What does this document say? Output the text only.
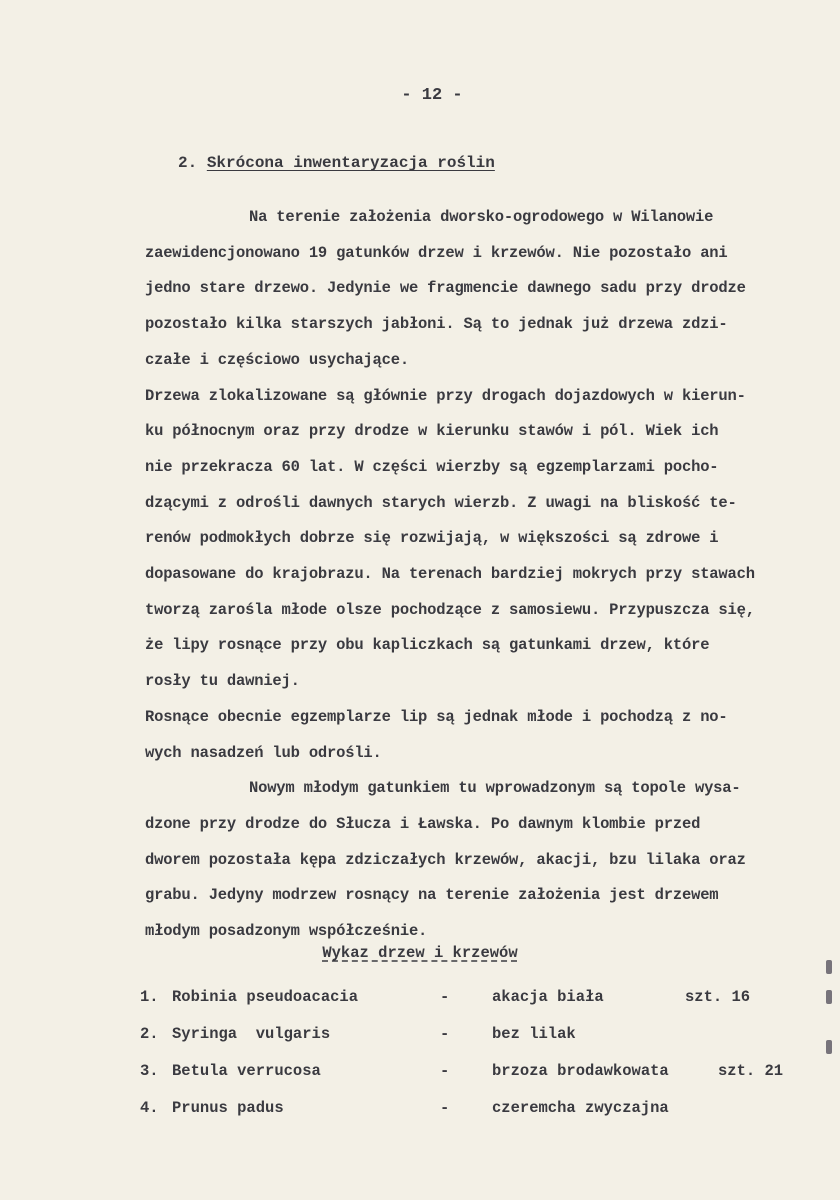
- 12 -
2. Skrócona inwentaryzacja roślin
Na terenie założenia dworsko-ogrodowego w Wilanowie
zaewidencjonowano 19 gatunków drzew i krzewów. Nie pozostało ani
jedno stare drzewo. Jedynie we fragmencie dawnego sadu przy drodze
pozostało kilka starszych jabłoni. Są to jednak już drzewa zdzi-
czałe i częściowo usychające.
Drzewa zlokalizowane są głównie przy drogach dojazdowych w kierun-
ku północnym oraz przy drodze w kierunku stawów i pól. Wiek ich
nie przekracza 60 lat. W części wierzby są egzemplarzami pocho-
dzącymi z odrośli dawnych starych wierzb. Z uwagi na bliskość te-
renów podmokłych dobrze się rozwijają, w większości są zdrowe i
dopasowane do krajobrazu. Na terenach bardziej mokrych przy stawach
tworzą zarośla młode olsze pochodzące z samosiewu. Przypuszcza się,
że lipy rosnące przy obu kapliczkach są gatunkami drzew, które
rosły tu dawniej.
Rosnące obecnie egzemplarze lip są jednak młode i pochodzą z no-
wych nasadzeń lub odrośli.
Nowym młodym gatunkiem tu wprowadzonym są topole wysa-
dzone przy drodze do Słucza i Ławska. Po dawnym klombie przed
dworem pozostała kępa zdziczałych krzewów, akacji, bzu lilaka oraz
grabu. Jedyny modrzew rosnący na terenie założenia jest drzewem
młodym posadzonym współcześnie.
Wykaz drzew i krzewów
1. Robinia pseudoacacia	-	akacja biała	szt. 16
2. Syringa  vulgaris	-	bez lilak
3. Betula verrucosa	-	brzoza brodawkowata	szt. 21
4. Prunus padus	-	czeremcha zwyczajna
